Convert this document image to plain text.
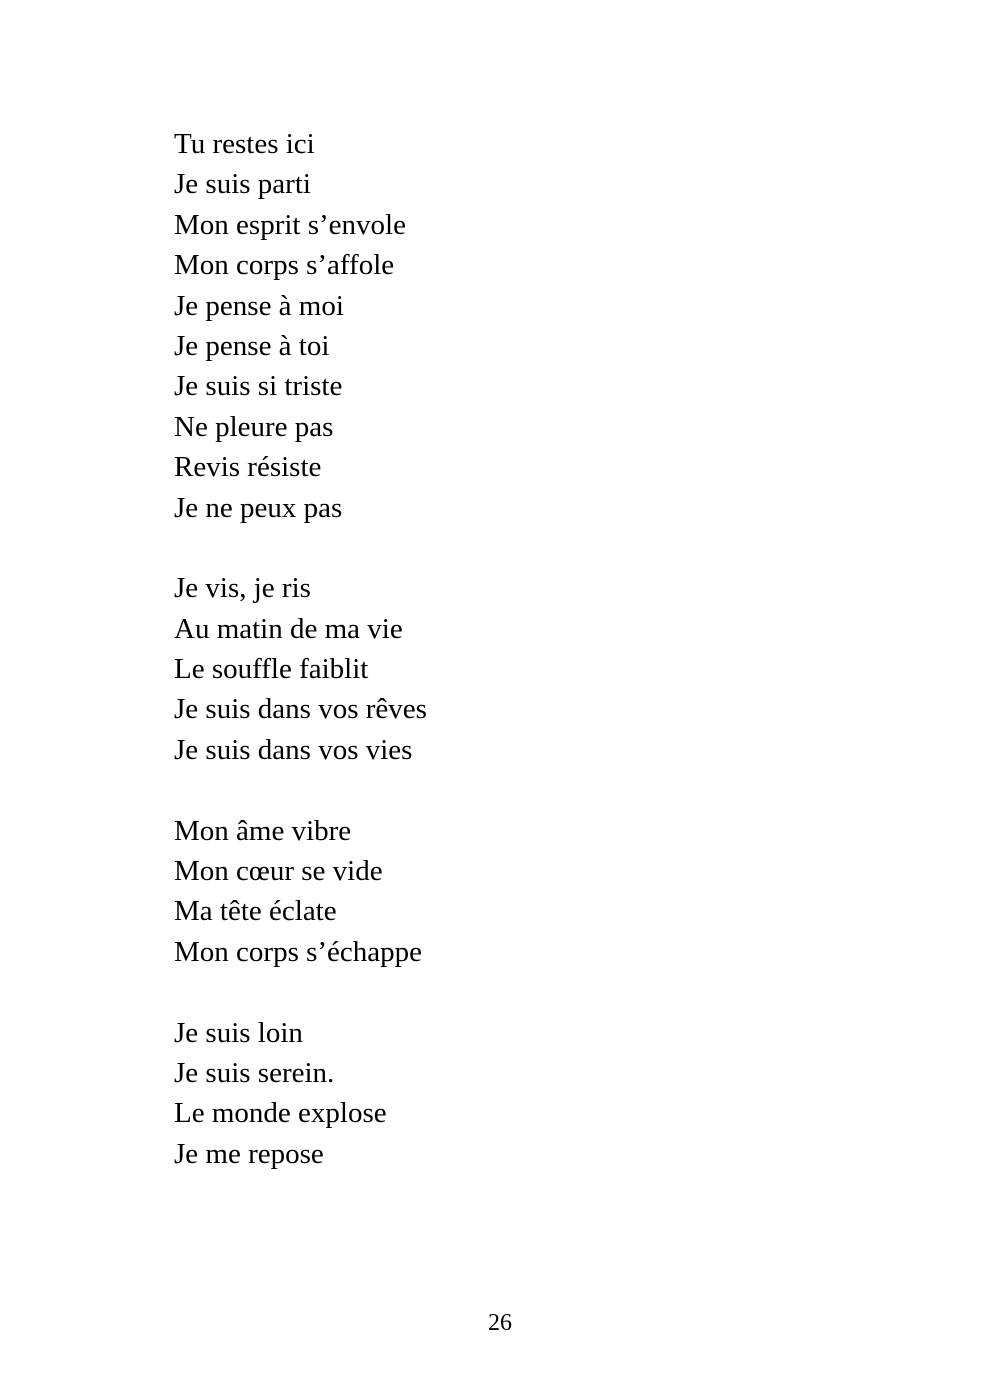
Tu restes ici
Je suis parti
Mon esprit s’envole
Mon corps s’affole
Je pense à moi
Je pense à toi
Je suis si triste
Ne pleure pas
Revis résiste
Je ne peux pas
Je vis, je ris
Au matin de ma vie
Le souffle faiblit
Je suis dans vos rêves
Je suis dans vos vies
Mon âme vibre
Mon cœur se vide
Ma tête éclate
Mon corps s’échappe
Je suis loin
Je suis serein.
Le monde explose
Je me repose
26
